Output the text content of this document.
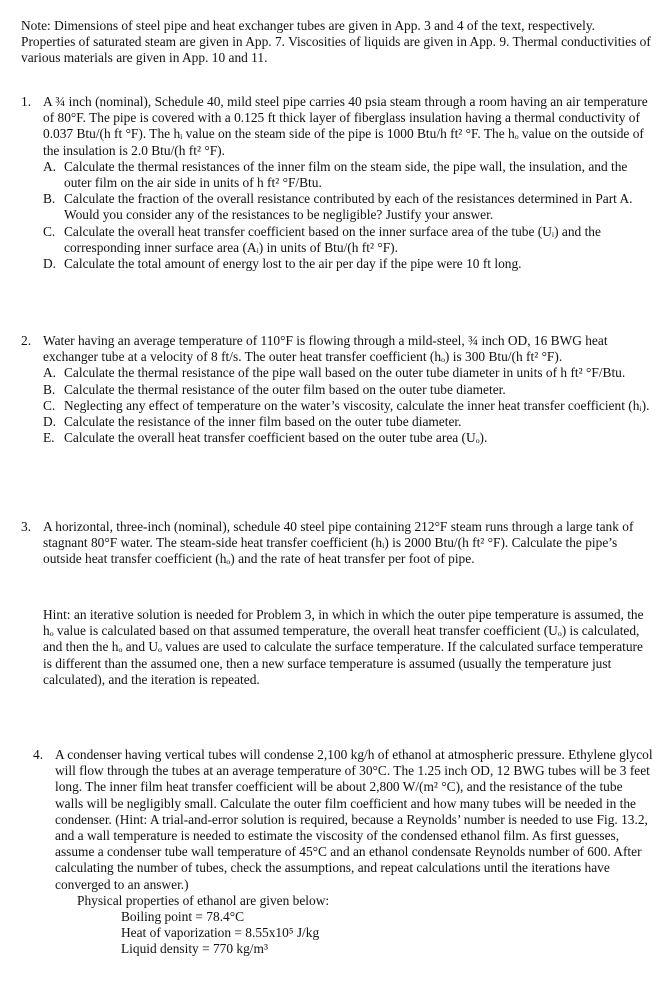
Note: Dimensions of steel pipe and heat exchanger tubes are given in App. 3 and 4 of the text, respectively. Properties of saturated steam are given in App. 7. Viscosities of liquids are given in App. 9. Thermal conductivities of various materials are given in App. 10 and 11.

1. A ¾ inch (nominal), Schedule 40, mild steel pipe carries 40 psia steam through a room having an air temperature of 80°F. The pipe is covered with a 0.125 ft thick layer of fiberglass insulation having a thermal conductivity of 0.037 Btu/(h ft °F). The hᵢ value on the steam side of the pipe is 1000 Btu/h ft² °F. The hₒ value on the outside of the insulation is 2.0 Btu/(h ft² °F).

A. Calculate the thermal resistances of the inner film on the steam side, the pipe wall, the insulation, and the outer film on the air side in units of h ft² °F/Btu.
B. Calculate the fraction of the overall resistance contributed by each of the resistances determined in Part A. Would you consider any of the resistances to be negligible? Justify your answer.
C. Calculate the overall heat transfer coefficient based on the inner surface area of the tube (Uᵢ) and the corresponding inner surface area (Aᵢ) in units of Btu/(h ft² °F).
D. Calculate the total amount of energy lost to the air per day if the pipe were 10 ft long.
2. Water having an average temperature of 110°F is flowing through a mild-steel, ¾ inch OD, 16 BWG heat exchanger tube at a velocity of 8 ft/s. The outer heat transfer coefficient (hₒ) is 300 Btu/(h ft² °F).

A. Calculate the thermal resistance of the pipe wall based on the outer tube diameter in units of h ft² °F/Btu.
B. Calculate the thermal resistance of the outer film based on the outer tube diameter.
C. Neglecting any effect of temperature on the water’s viscosity, calculate the inner heat transfer coefficient (hᵢ).
D. Calculate the resistance of the inner film based on the outer tube diameter.
E. Calculate the overall heat transfer coefficient based on the outer tube area (Uₒ).
3. A horizontal, three-inch (nominal), schedule 40 steel pipe containing 212°F steam runs through a large tank of stagnant 80°F water. The steam-side heat transfer coefficient (hᵢ) is 2000 Btu/(h ft² °F). Calculate the pipe’s outside heat transfer coefficient (hₒ) and the rate of heat transfer per foot of pipe.

Hint: an iterative solution is needed for Problem 3, in which in which the outer pipe temperature is assumed, the hₒ value is calculated based on that assumed temperature, the overall heat transfer coefficient (Uₒ) is calculated, and then the hₒ and Uₒ values are used to calculate the surface temperature. If the calculated surface temperature is different than the assumed one, then a new surface temperature is assumed (usually the temperature just calculated), and the iteration is repeated.

4. A condenser having vertical tubes will condense 2,100 kg/h of ethanol at atmospheric pressure. Ethylene glycol will flow through the tubes at an average temperature of 30°C. The 1.25 inch OD, 12 BWG tubes will be 3 feet long. The inner film heat transfer coefficient will be about 2,800 W/(m² °C), and the resistance of the tube walls will be negligibly small. Calculate the outer film coefficient and how many tubes will be needed in the condenser. (Hint: A trial-and-error solution is required, because a Reynolds’ number is needed to use Fig. 13.2, and a wall temperature is needed to estimate the viscosity of the condensed ethanol film. As first guesses, assume a condenser tube wall temperature of 45°C and an ethanol condensate Reynolds number of 600. After calculating the number of tubes, check the assumptions, and repeat calculations until the iterations have converged to an answer.)

Physical properties of ethanol are given below:

Boiling point = 78.4°C

Heat of vaporization = 8.55x10⁵ J/kg

Liquid density = 770 kg/m³
